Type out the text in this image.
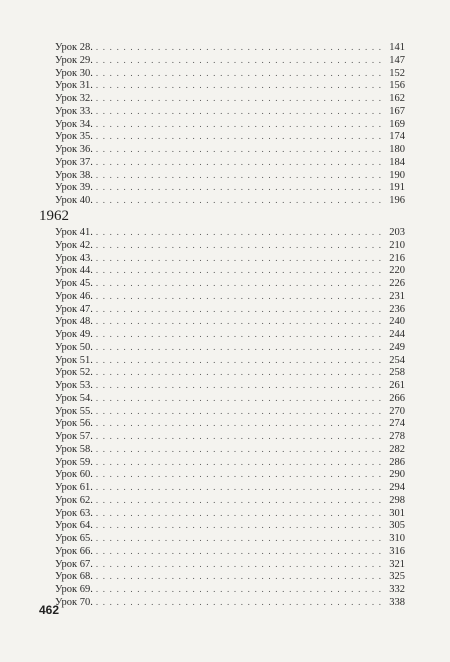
Урок 28. . . .	141
Урок 29. . . .	147
Урок 30. . . .	152
Урок 31. . . .	156
Урок 32. . . .	162
Урок 33. . . .	167
Урок 34. . . .	169
Урок 35. . . .	174
Урок 36. . . .	180
Урок 37. . . .	184
Урок 38. . . .	190
Урок 39. . . .	191
Урок 40. . . .	196
1962
Урок 41. . . .	203
Урок 42. . . .	210
Урок 43. . . .	216
Урок 44. . . .	220
Урок 45. . . .	226
Урок 46. . . .	231
Урок 47. . . .	236
Урок 48. . . .	240
Урок 49. . . .	244
Урок 50. . . .	249
Урок 51. . . .	254
Урок 52. . . .	258
Урок 53. . . .	261
Урок 54. . . .	266
Урок 55. . . .	270
Урок 56. . . .	274
Урок 57. . . .	278
Урок 58. . . .	282
Урок 59. . . .	286
Урок 60. . . .	290
Урок 61. . . .	294
Урок 62. . . .	298
Урок 63. . . .	301
Урок 64. . . .	305
Урок 65. . . .	310
Урок 66. . . .	316
Урок 67. . . .	321
Урок 68. . . .	325
Урок 69. . . .	332
Урок 70. . . .	338
462
